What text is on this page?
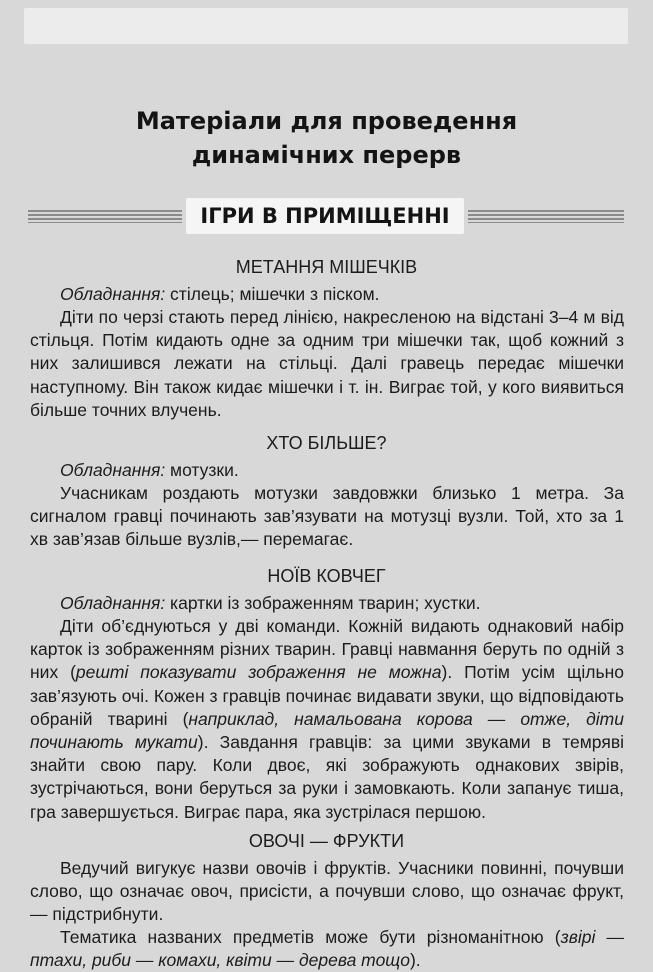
Матеріали для проведення
динамічних перерв
ІГРИ В ПРИМІЩЕННІ
МЕТАННЯ МІШЕЧКІВ
Обладнання: стілець; мішечки з піском.
Діти по черзі стають перед лінією, накресленою на відстані 3–4 м від стільця. Потім кидають одне за одним три мішечки так, щоб кожний з них залишився лежати на стільці. Далі гравець передає мішечки наступному. Він також кидає мішечки і т. ін. Виграє той, у кого виявиться більше точних влучень.
ХТО БІЛЬШЕ?
Обладнання: мотузки.
Учасникам роздають мотузки завдовжки близько 1 метра. За сигналом гравці починають зав’язувати на мотузці вузли. Той, хто за 1 хв зав’язав більше вузлів,— перемагає.
НОЇВ КОВЧЕГ
Обладнання: картки із зображенням тварин; хустки.
Діти об’єднуються у дві команди. Кожній видають однаковий набір карток із зображенням різних тварин. Гравці навмання беруть по одній з них (решті показувати зображення не можна). Потім усім щільно зав’язують очі. Кожен з гравців починає видавати звуки, що відповідають обраній тварині (наприклад, намальована корова — отже, діти починають мукати). Завдання гравців: за цими звуками в темряві знайти свою пару. Коли двоє, які зображують однакових звірів, зустрічаються, вони беруться за руки і замовкають. Коли запанує тиша, гра завершується. Виграє пара, яка зустрілася першою.
ОВОЧІ — ФРУКТИ
Ведучий вигукує назви овочів і фруктів. Учасники повинні, почувши слово, що означає овоч, присісти, а почувши слово, що означає фрукт,— підстрибнути.
Тематика названих предметів може бути різноманітною (звірі — птахи, риби — комахи, квіти — дерева тощо).
